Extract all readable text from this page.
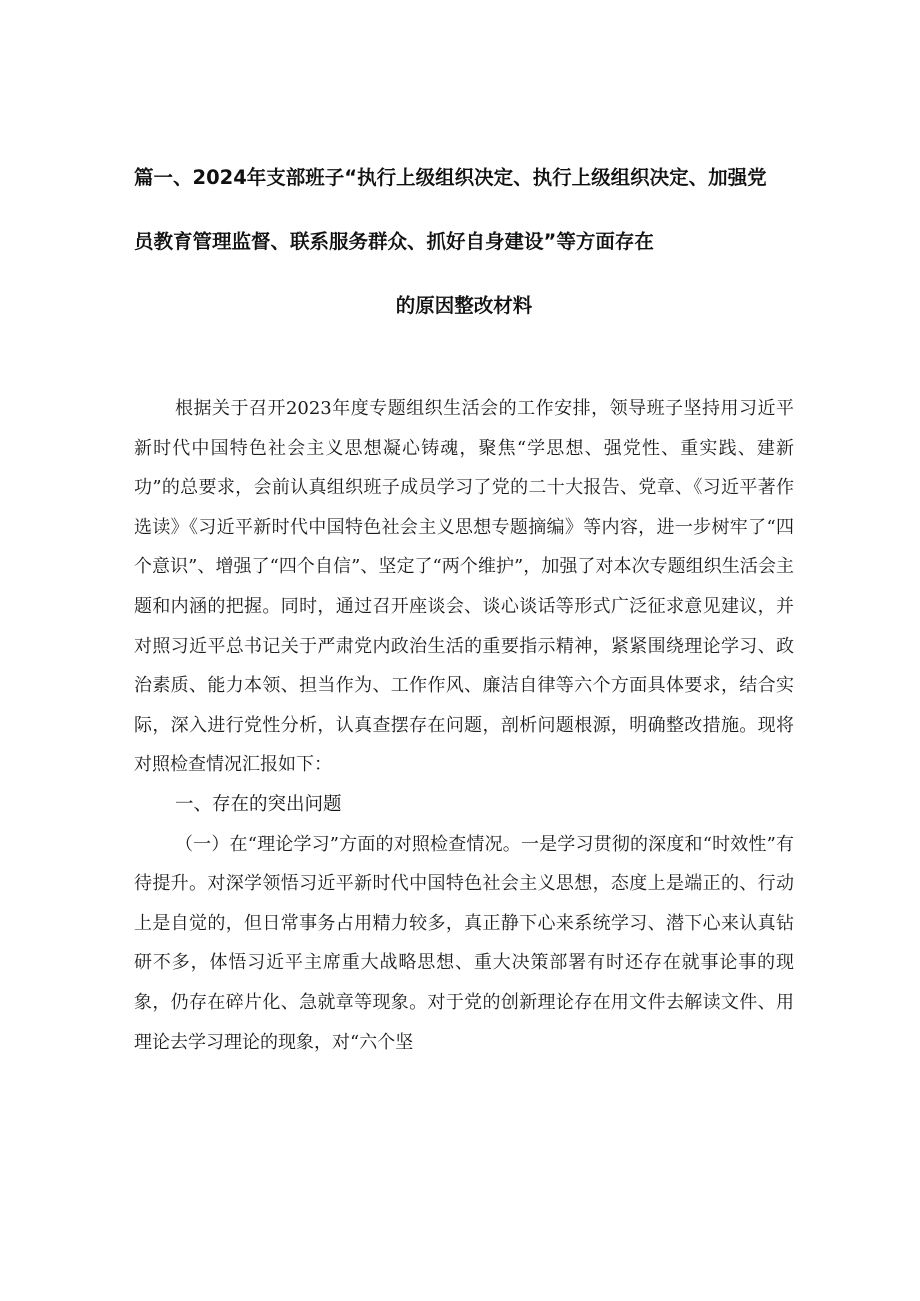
篇一、2024年支部班子“执行上级组织决定、执行上级组织决定、加强党
员教育管理监督、联系服务群众、抓好自身建设”等方面存在
的原因整改材料

根据关于召开2023年度专题组织生活会的工作安排，领导班子坚持用习近平新时代中国特色社会主义思想凝心铸魂，聚焦“学思想、强党性、重实践、建新功”的总要求，会前认真组织班子成员学习了党的二十大报告、党章、《习近平著作选读》《习近平新时代中国特色社会主义思想专题摘编》等内容，进一步树牢了“四个意识”、增强了“四个自信”、坚定了“两个维护”，加强了对本次专题组织生活会主题和内涵的把握。同时，通过召开座谈会、谈心谈话等形式广泛征求意见建议，并对照习近平总书记关于严肃党内政治生活的重要指示精神，紧紧围绕理论学习、政治素质、能力本领、担当作为、工作作风、廉洁自律等六个方面具体要求，结合实际，深入进行党性分析，认真查摆存在问题，剖析问题根源，明确整改措施。现将对照检查情况汇报如下：

一、存在的突出问题

（一）在“理论学习”方面的对照检查情况。一是学习贯彻的深度和“时效性”有待提升。对深学领悟习近平新时代中国特色社会主义思想，态度上是端正的、行动上是自觉的，但日常事务占用精力较多，真正静下心来系统学习、潜下心来认真钻研不多，体悟习近平主席重大战略思想、重大决策部署有时还存在就事论事的现象，仍存在碎片化、急就章等现象。对于党的创新理论存在用文件去解读文件、用理论去学习理论的现象，对“六个坚
